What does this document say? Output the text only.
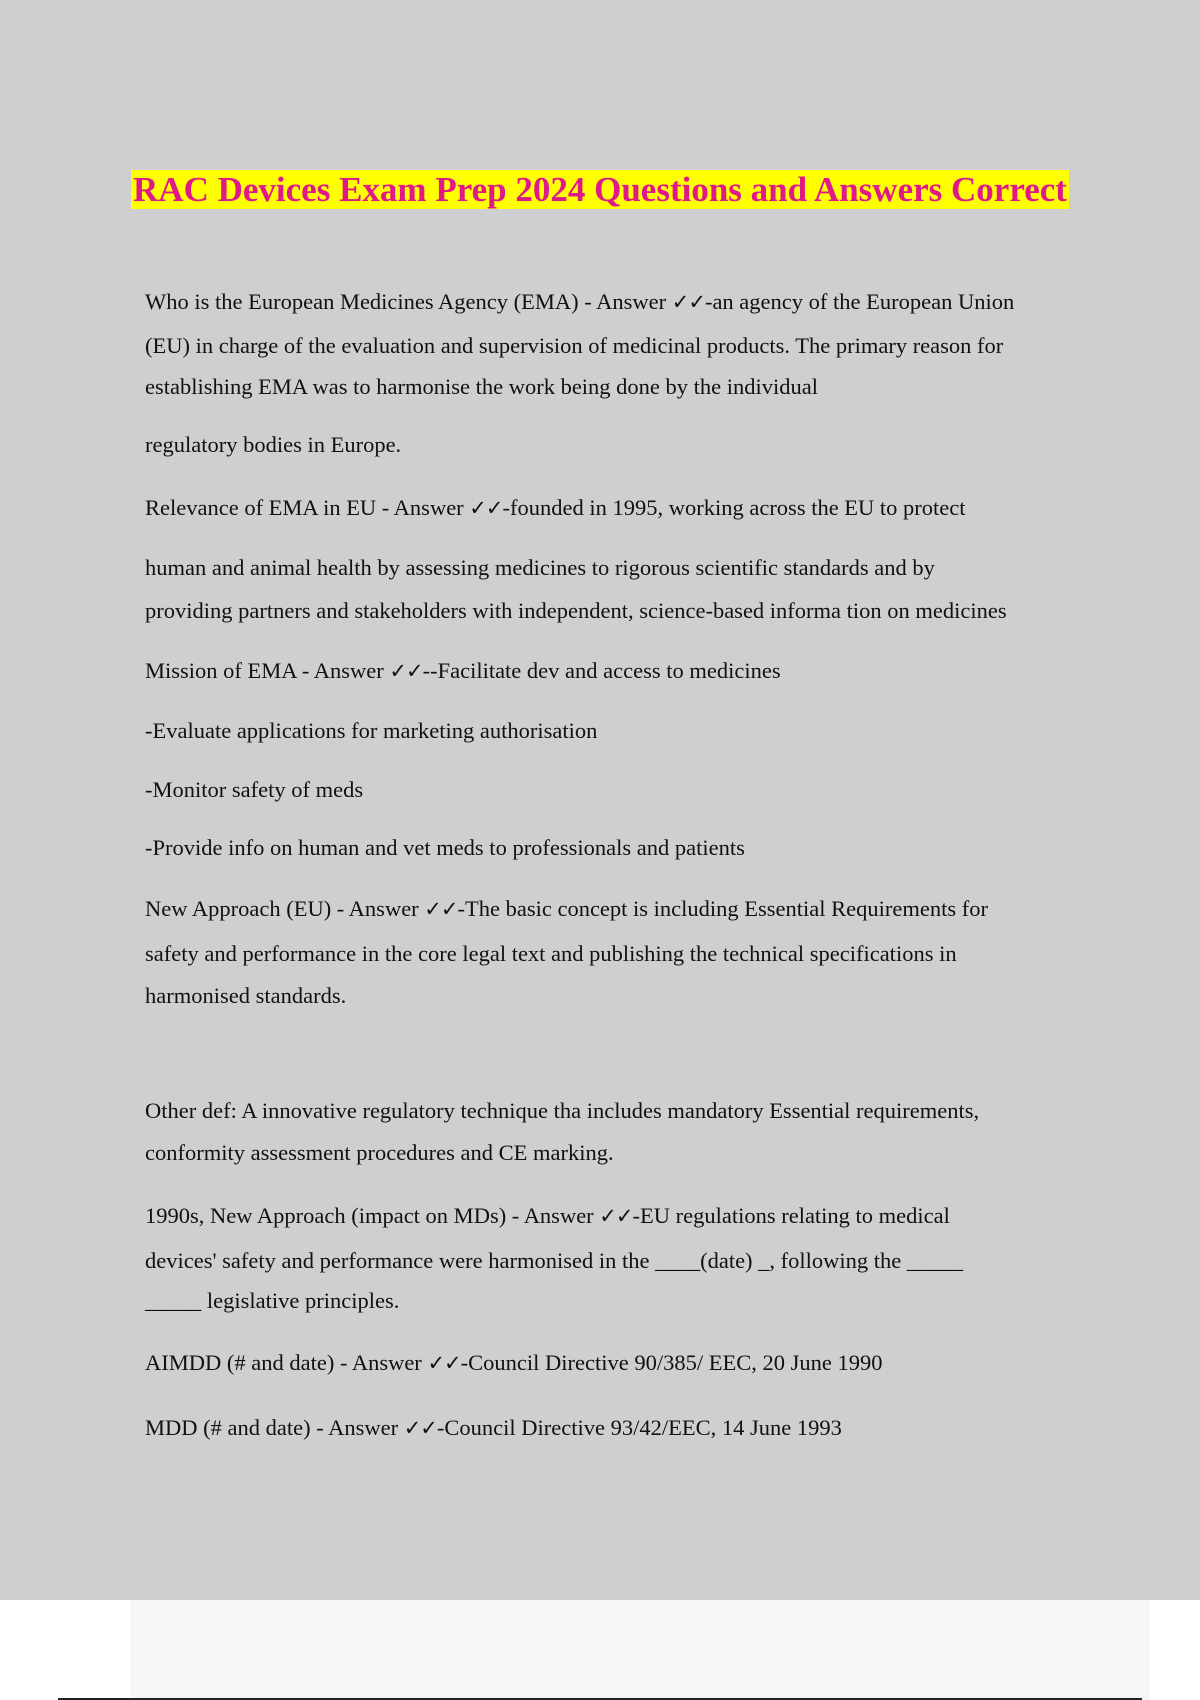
RAC Devices Exam Prep 2024 Questions and Answers Correct
Who is the European Medicines Agency (EMA) - Answer ✓✓-an agency of the European Union
(EU) in charge of the evaluation and supervision of medicinal products. The primary reason for
establishing EMA was to harmonise the work being done by the individual
regulatory bodies in Europe.
Relevance of EMA in EU - Answer ✓✓-founded in 1995, working across the EU to protect
human and animal health by assessing medicines to rigorous scientific standards and by
providing partners and stakeholders with independent, science-based informa tion on medicines
Mission of EMA - Answer ✓✓--Facilitate dev and access to medicines
-Evaluate applications for marketing authorisation
-Monitor safety of meds
-Provide info on human and vet meds to professionals and patients
New Approach (EU) - Answer ✓✓-The basic concept is including Essential Requirements for
safety and performance in the core legal text and publishing the technical specifications in
harmonised standards.
Other def: A innovative regulatory technique tha includes mandatory Essential requirements,
conformity assessment procedures and CE marking.
1990s, New Approach (impact on MDs) - Answer ✓✓-EU regulations relating to medical
devices' safety and performance were harmonised in the ____(date) _, following the _____
_____ legislative principles.
AIMDD (# and date) - Answer ✓✓-Council Directive 90/385/ EEC, 20 June 1990
MDD (# and date) - Answer ✓✓-Council Directive 93/42/EEC, 14 June 1993
